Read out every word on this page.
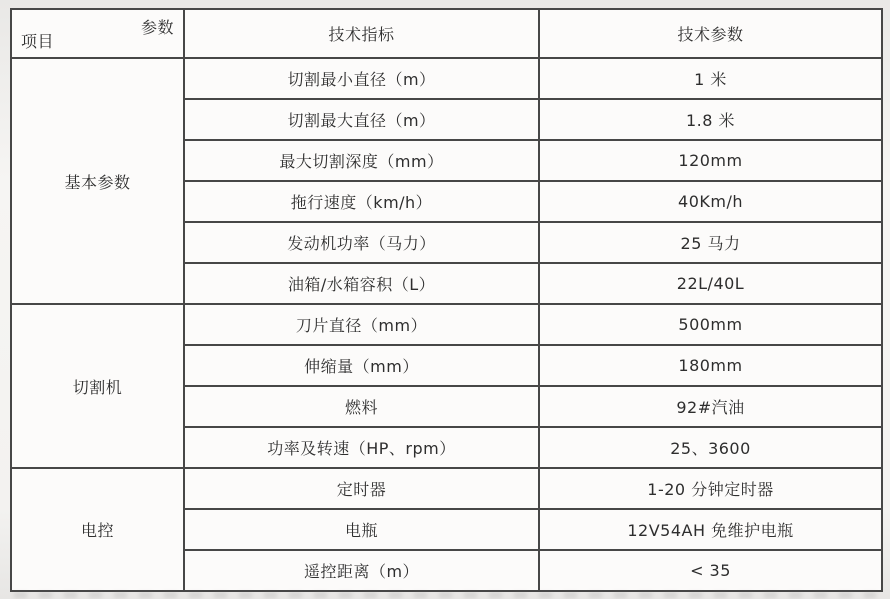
参数
项目	技术指标	技术参数
基本参数	切割最小直径（m）	1 米
	切割最大直径（m）	1.8 米
	最大切割深度（mm）	120mm
	拖行速度（km/h）	40Km/h
	发动机功率（马力）	25 马力
	油箱/水箱容积（L）	22L/40L
切割机	刀片直径（mm）	500mm
	伸缩量（mm）	180mm
	燃料	92#汽油
	功率及转速（HP、rpm）	25、3600
电控	定时器	1-20 分钟定时器
	电瓶	12V54AH 免维护电瓶
	遥控距离（m）	< 35
